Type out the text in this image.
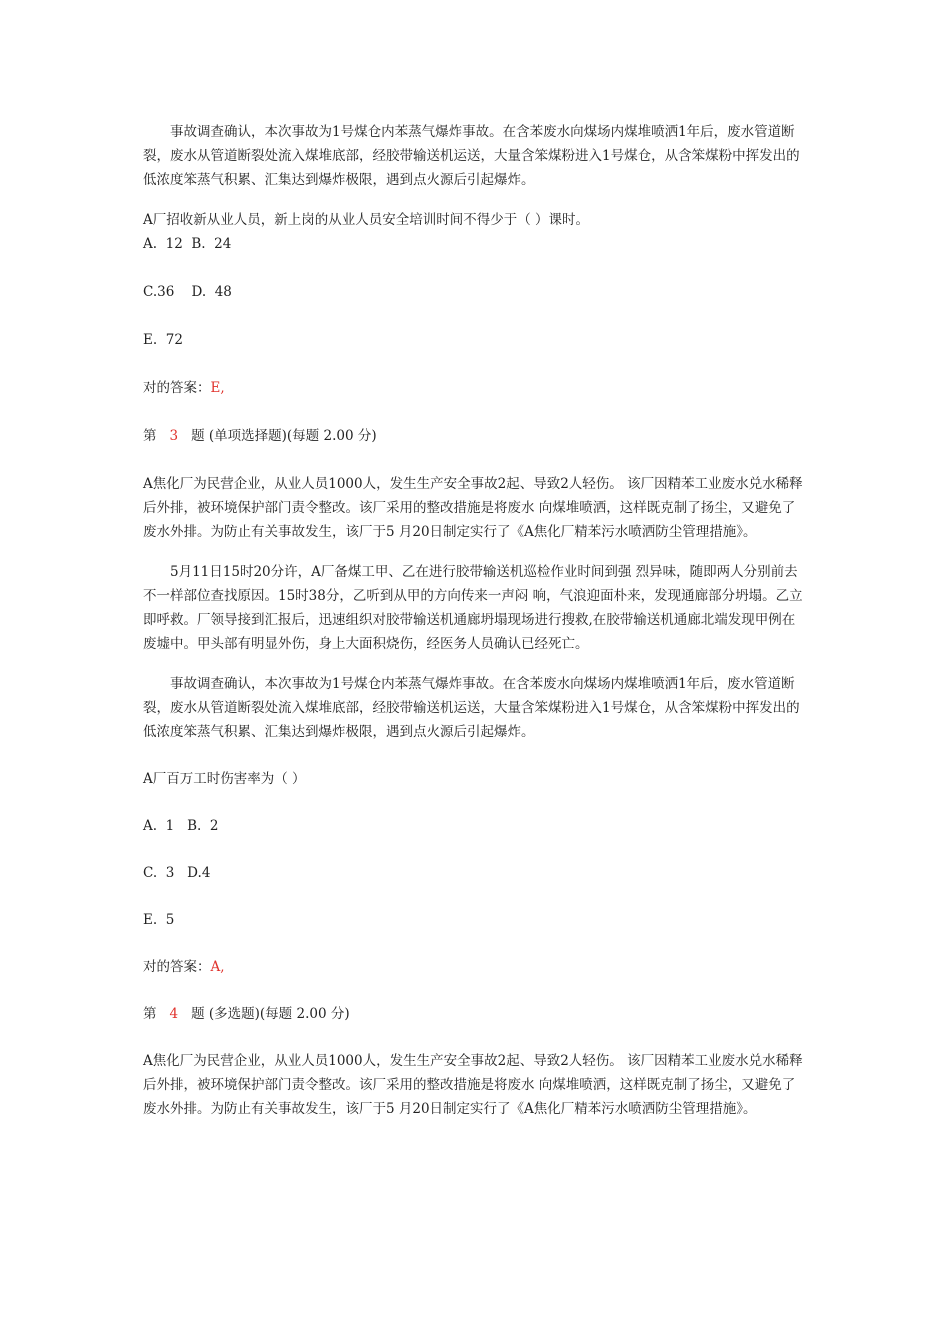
事故调查确认，本次事故为1号煤仓内苯蒸气爆炸事故。在含苯废水向煤场内煤堆喷洒1年后，废水管道断裂，废水从管道断裂处流入煤堆底部，经胶带输送机运送，大量含笨煤粉进入1号煤仓，从含笨煤粉中挥发出的低浓度笨蒸气积累、汇集达到爆炸极限，遇到点火源后引起爆炸。

A厂招收新从业人员，新上岗的从业人员安全培训时间不得少于（ ）课时。

A.  12  B.  24

C.36    D.  48

E.  72

对的答案：E,

第 3 题 (单项选择题)(每题 2.00 分)

A焦化厂为民营企业，从业人员1000人，发生生产安全事故2起、导致2人轻伤。 该厂因精苯工业废水兑水稀释后外排，被环境保护部门责令整改。该厂采用的整改措施是将废水 向煤堆喷洒，这样既克制了扬尘，又避免了废水外排。为防止有关事故发生，该厂于5 月20日制定实行了《A焦化厂精苯污水喷洒防尘管理措施》。

5月11日15时20分许，A厂备煤工甲、乙在进行胶带输送机巡检作业时间到强 烈异味，随即两人分别前去不一样部位查找原因。15时38分，乙听到从甲的方向传来一声闷 响，气浪迎面朴来，发现通廊部分坍塌。乙立即呼救。厂领导接到汇报后，迅速组织对胶带输送机通廊坍塌现场进行搜救,在胶带输送机通廊北端发现甲例在废墟中。甲头部有明显外伤，身上大面积烧伤，经医务人员确认已经死亡。

事故调查确认，本次事故为1号煤仓内苯蒸气爆炸事故。在含苯废水向煤场内煤堆喷洒1年后，废水管道断裂，废水从管道断裂处流入煤堆底部，经胶带输送机运送，大量含笨煤粉进入1号煤仓，从含笨煤粉中挥发出的低浓度笨蒸气积累、汇集达到爆炸极限，遇到点火源后引起爆炸。

A厂百万工时伤害率为（ ）

A.  1   B.  2

C.  3   D.4

E.  5

对的答案：A,

第 4 题 (多选题)(每题 2.00 分)

A焦化厂为民营企业，从业人员1000人，发生生产安全事故2起、导致2人轻伤。 该厂因精苯工业废水兑水稀释后外排，被环境保护部门责令整改。该厂采用的整改措施是将废水 向煤堆喷洒，这样既克制了扬尘，又避免了废水外排。为防止有关事故发生，该厂于5 月20日制定实行了《A焦化厂精苯污水喷洒防尘管理措施》。
